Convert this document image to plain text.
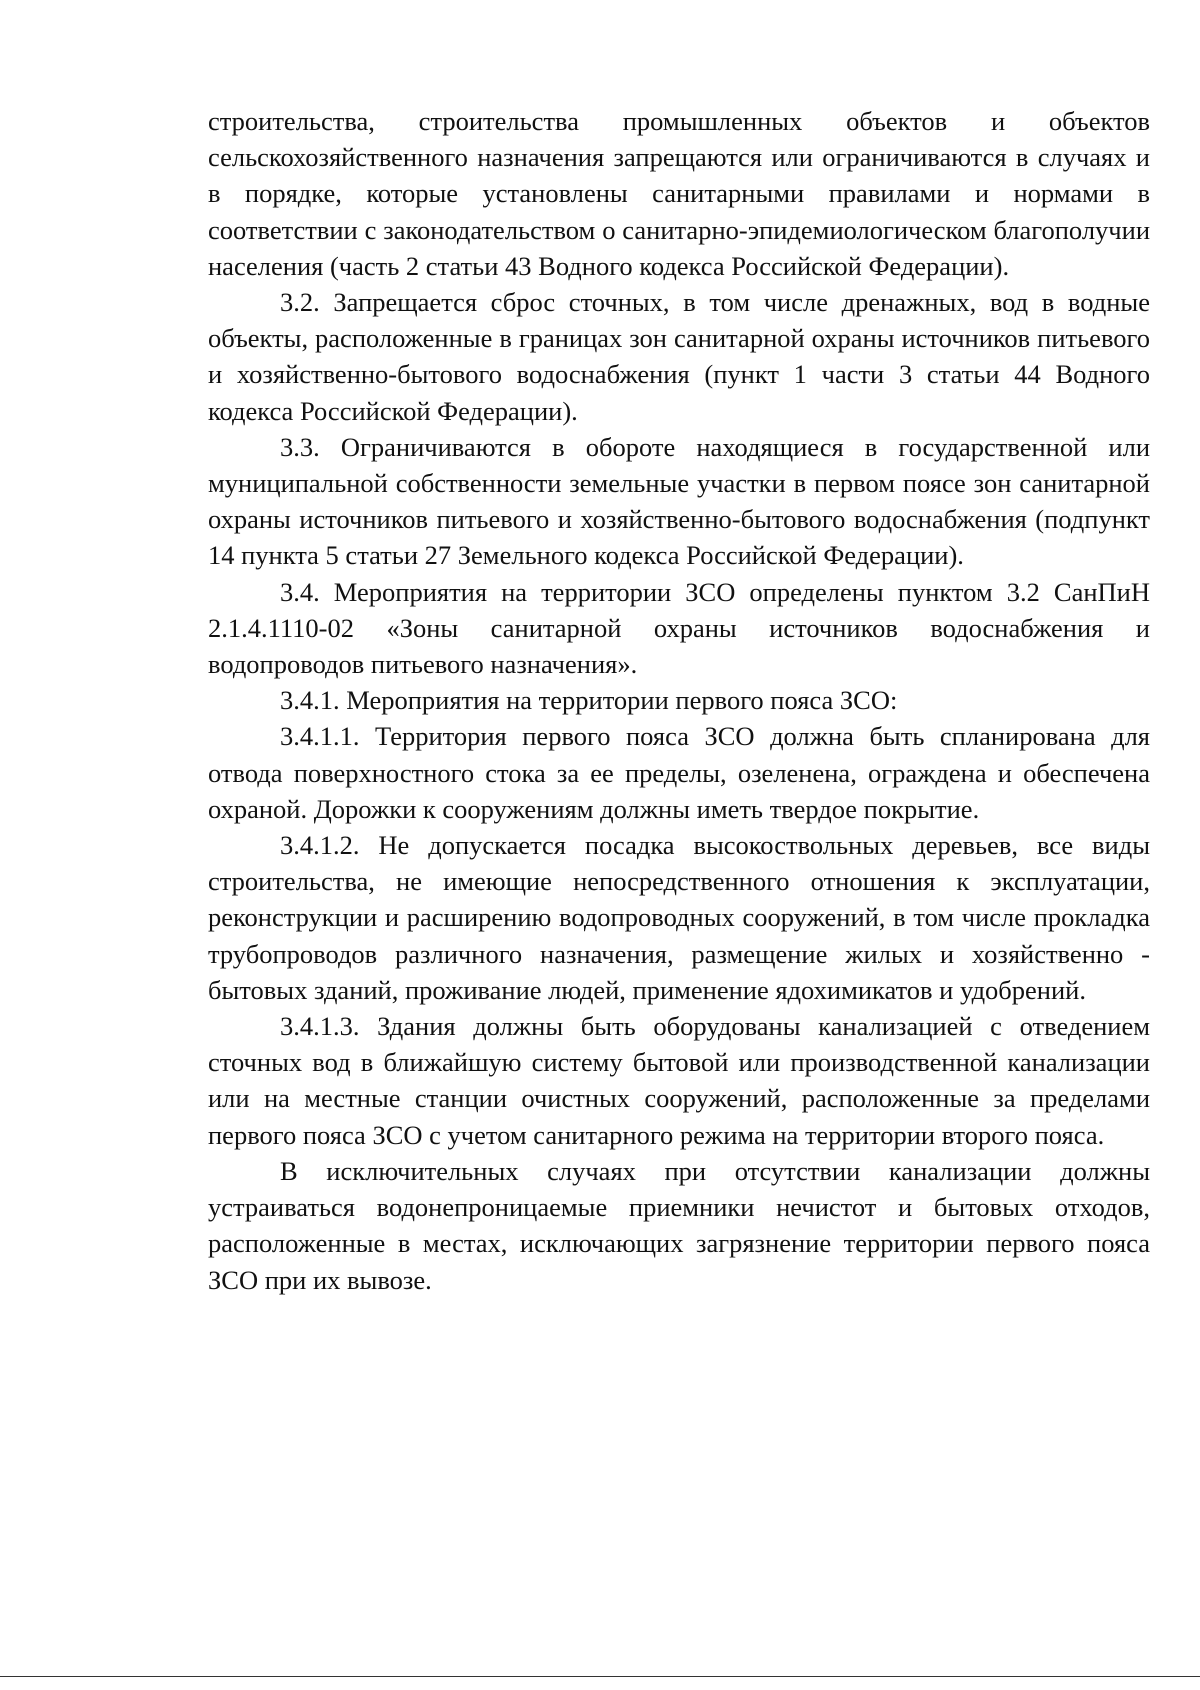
строительства, строительства промышленных объектов и объектов сельскохозяйственного назначения запрещаются или ограничиваются в случаях и в порядке, которые установлены санитарными правилами и нормами в соответствии с законодательством о санитарно-эпидемиологическом благополучии населения (часть 2 статьи 43 Водного кодекса Российской Федерации).

3.2. Запрещается сброс сточных, в том числе дренажных, вод в водные объекты, расположенные в границах зон санитарной охраны источников питьевого и хозяйственно-бытового водоснабжения (пункт 1 части 3 статьи 44 Водного кодекса Российской Федерации).

3.3. Ограничиваются в обороте находящиеся в государственной или муниципальной собственности земельные участки в первом поясе зон санитарной охраны источников питьевого и хозяйственно-бытового водоснабжения (подпункт 14 пункта 5 статьи 27 Земельного кодекса Российской Федерации).

3.4. Мероприятия на территории ЗСО определены пунктом 3.2 СанПиН 2.1.4.1110-02 «Зоны санитарной охраны источников водоснабжения и водопроводов питьевого назначения».

3.4.1. Мероприятия на территории первого пояса ЗСО:

3.4.1.1. Территория первого пояса ЗСО должна быть спланирована для отвода поверхностного стока за ее пределы, озеленена, ограждена и обеспечена охраной. Дорожки к сооружениям должны иметь твердое покрытие.

3.4.1.2. Не допускается посадка высокоствольных деревьев, все виды строительства, не имеющие непосредственного отношения к эксплуатации, реконструкции и расширению водопроводных сооружений, в том числе прокладка трубопроводов различного назначения, размещение жилых и хозяйственно - бытовых зданий, проживание людей, применение ядохимикатов и удобрений.

3.4.1.3. Здания должны быть оборудованы канализацией с отведением сточных вод в ближайшую систему бытовой или производственной канализации или на местные станции очистных сооружений, расположенные за пределами первого пояса ЗСО с учетом санитарного режима на территории второго пояса.

В исключительных случаях при отсутствии канализации должны устраиваться водонепроницаемые приемники нечистот и бытовых отходов, расположенные в местах, исключающих загрязнение территории первого пояса ЗСО при их вывозе.
